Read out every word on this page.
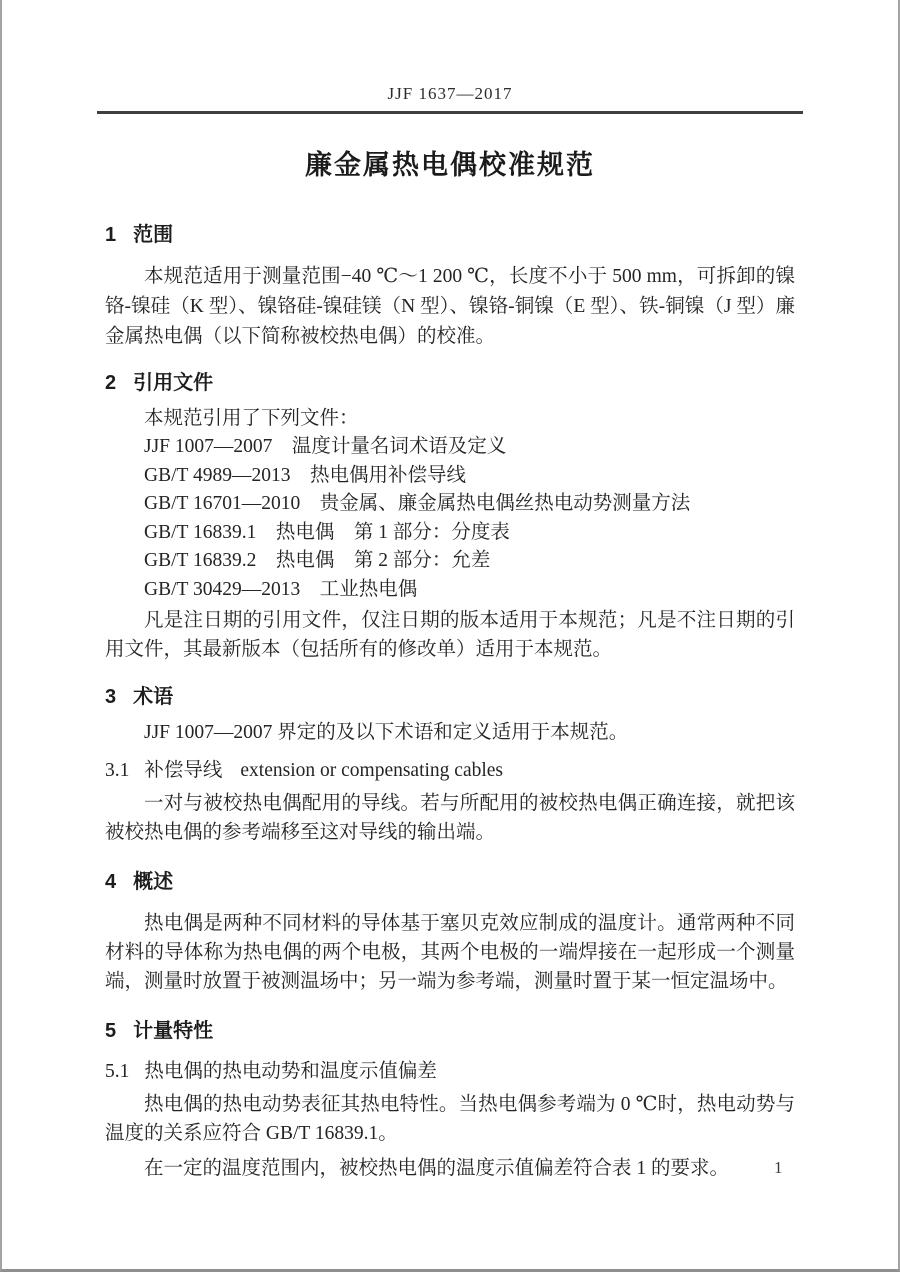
JJF 1637—2017
廉金属热电偶校准规范
1 范围

本规范适用于测量范围−40 ℃～1 200 ℃，长度不小于 500 mm，可拆卸的镍铬-镍硅（K 型）、镍铬硅-镍硅镁（N 型）、镍铬-铜镍（E 型）、铁-铜镍（J 型）廉金属热电偶（以下简称被校热电偶）的校准。

2 引用文件

本规范引用了下列文件：

JJF 1007—2007　温度计量名词术语及定义
GB/T 4989—2013　热电偶用补偿导线
GB/T 16701—2010　贵金属、廉金属热电偶丝热电动势测量方法
GB/T 16839.1　热电偶　第 1 部分：分度表
GB/T 16839.2　热电偶　第 2 部分：允差
GB/T 30429—2013　工业热电偶

凡是注日期的引用文件，仅注日期的版本适用于本规范；凡是不注日期的引用文件，其最新版本（包括所有的修改单）适用于本规范。

3 术语

JJF 1007—2007 界定的及以下术语和定义适用于本规范。

3.1 补偿导线 extension or compensating cables

一对与被校热电偶配用的导线。若与所配用的被校热电偶正确连接，就把该被校热电偶的参考端移至这对导线的输出端。

4 概述

热电偶是两种不同材料的导体基于塞贝克效应制成的温度计。通常两种不同材料的导体称为热电偶的两个电极，其两个电极的一端焊接在一起形成一个测量端，测量时放置于被测温场中；另一端为参考端，测量时置于某一恒定温场中。

5 计量特性
5.1 热电偶的热电动势和温度示值偏差

热电偶的热电动势表征其热电特性。当热电偶参考端为 0 ℃时，热电动势与温度的关系应符合 GB/T 16839.1。

在一定的温度范围内，被校热电偶的温度示值偏差符合表 1 的要求。	1
